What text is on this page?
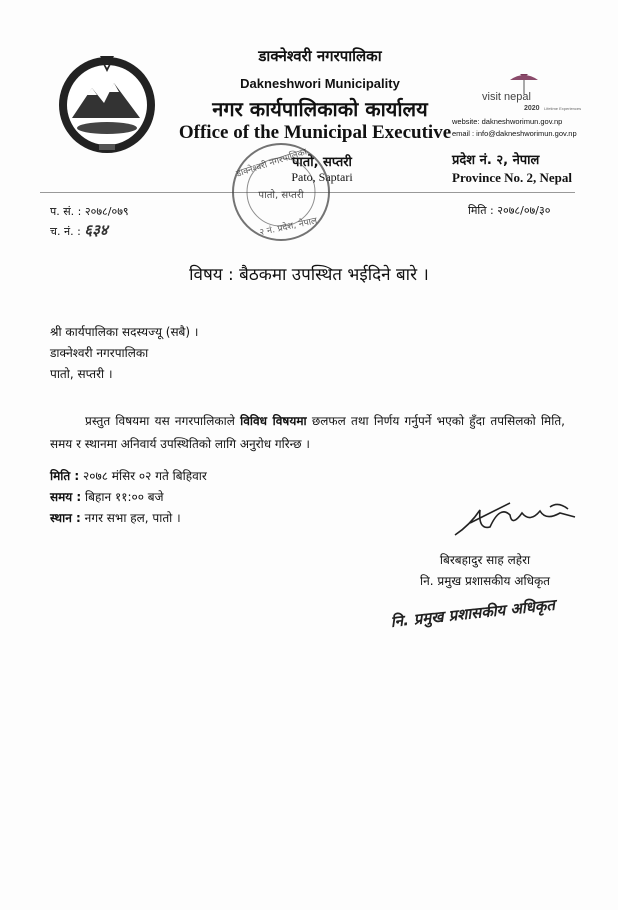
डाक्नेश्वरी नगरपालिका
Dakneshwori Municipality
नगर कार्यपालिकाको कार्यालय
Office of the Municipal Executive
पातो, सप्तरी
Pato, Saptari
visit nepal
2020 Lifetime Experiences
website: dakneshworimun.gov.np
email : info@dakneshworimun.gov.np
प्रदेश नं. २, नेपाल
Province No. 2, Nepal
प. सं. : २०७८/०७९
च. नं. : ६३४
मिति : २०७८/०७/३०
डाक्नेश्वरी नगरपालिका
पातो, सप्तरी
२ नं. प्रदेश, नेपाल
विषय : बैठकमा उपस्थित भईदिने बारे ।
श्री कार्यपालिका सदस्यज्यू (सबै) ।
डाक्नेश्वरी नगरपालिका
पातो, सप्तरी ।
प्रस्तुत विषयमा यस नगरपालिकाले विविध विषयमा छलफल तथा निर्णय गर्नुपर्ने भएको हुँदा तपसिलको मिति, समय र स्थानमा अनिवार्य उपस्थितिको लागि अनुरोध गरिन्छ ।
मिति : २०७८ मंसिर ०२ गते बिहिवार
समय : बिहान ११:०० बजे
स्थान : नगर सभा हल, पातो ।
बिरबहादुर साह लहेरा
नि. प्रमुख प्रशासकीय अधिकृत
नि. प्रमुख प्रशासकीय अधिकृत
